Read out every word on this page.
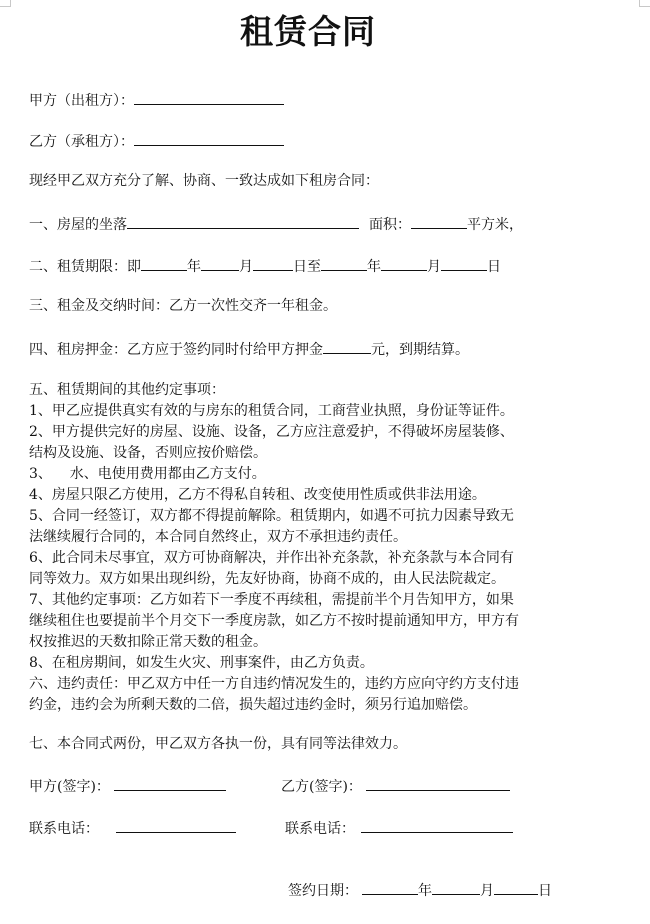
租赁合同
甲方（出租方）：
乙方（承租方）：
现经甲乙双方充分了解、协商、一致达成如下租房合同：
一、房屋的坐落	面积：	平方米，
二、租赁期限：即	年	月	日至	年	月	日
三、租金及交纳时间：乙方一次性交齐一年租金。
四、租房押金：乙方应于签约同时付给甲方押金	元，到期结算。
五、租赁期间的其他约定事项：
1、甲乙应提供真实有效的与房东的租赁合同，工商营业执照，身份证等证件。
2、甲方提供完好的房屋、设施、设备，乙方应注意爱护，不得破坏房屋装修、
结构及设施、设备，否则应按价赔偿。
3、    水、电使用费用都由乙方支付。
4、房屋只限乙方使用，乙方不得私自转租、改变使用性质或供非法用途。
5、合同一经签订，双方都不得提前解除。租赁期内，如遇不可抗力因素导致无
法继续履行合同的，本合同自然终止，双方不承担违约责任。
6、此合同未尽事宜，双方可协商解决，并作出补充条款，补充条款与本合同有
同等效力。双方如果出现纠纷，先友好协商，协商不成的，由人民法院裁定。
7、其他约定事项：乙方如若下一季度不再续租，需提前半个月告知甲方，如果
继续租住也要提前半个月交下一季度房款，如乙方不按时提前通知甲方，甲方有
权按推迟的天数扣除正常天数的租金。
8、在租房期间，如发生火灾、刑事案件，由乙方负责。
六、违约责任：甲乙双方中任一方自违约情况发生的，违约方应向守约方支付违
约金，违约会为所剩天数的二倍，损失超过违约金时，须另行追加赔偿。
七、本合同式两份，甲乙双方各执一份，具有同等法律效力。
甲方(签字)：	乙方(签字)：
联系电话：	联系电话：
签约日期：	年	月	日
